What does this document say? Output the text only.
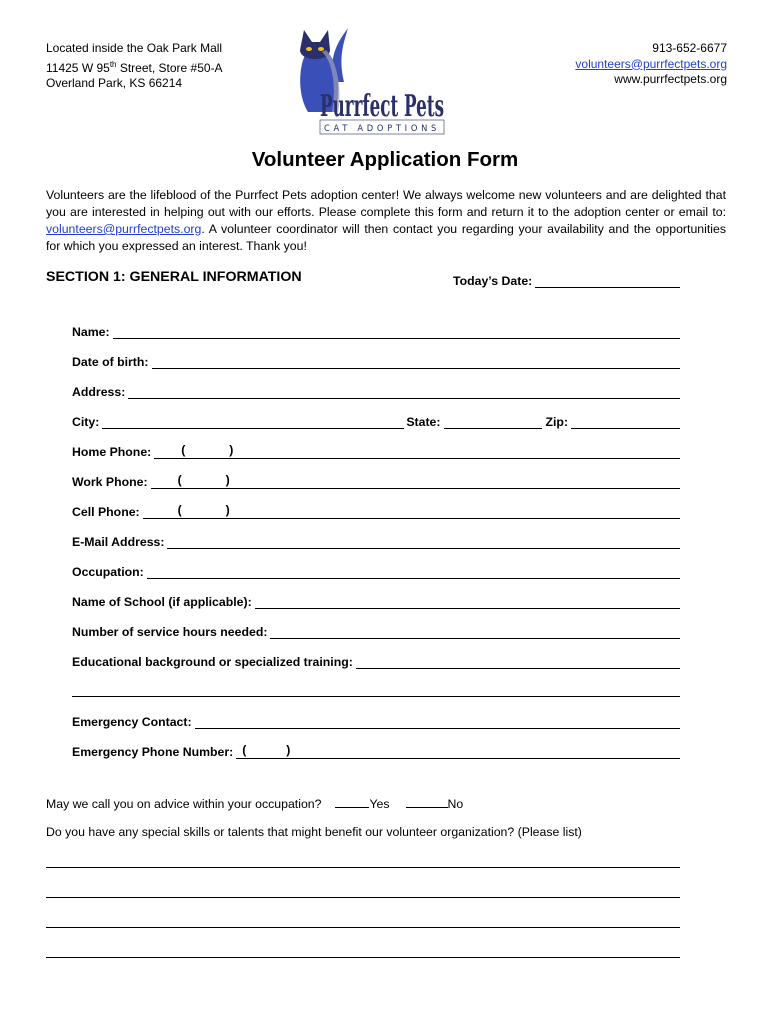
Located inside the Oak Park Mall
11425 W 95th Street, Store #50-A
Overland Park, KS 66214
913-652-6677
volunteers@purrfectpets.org
www.purrfectpets.org
Purrfect Pets
CAT ADOPTIONS
Volunteer Application Form
Volunteers are the lifeblood of the Purrfect Pets adoption center! We always welcome new volunteers and are delighted that you are interested in helping out with our efforts. Please complete this form and return it to the adoption center or email to: volunteers@purrfectpets.org. A volunteer coordinator will then contact you regarding your availability and the opportunities for which you expressed an interest. Thank you!
SECTION 1: GENERAL INFORMATION	Today’s Date:
Name:
Date of birth:
Address:
City:	State:	Zip:
Home Phone: (	)
Work Phone: (	)
Cell Phone:	(	)
E-Mail Address:
Occupation:
Name of School (if applicable):
Number of service hours needed:
Educational background or specialized training:
Emergency Contact:
Emergency Phone Number: (	)
May we call you on advice within your occupation?	Yes	No
Do you have any special skills or talents that might benefit our volunteer organization? (Please list)
